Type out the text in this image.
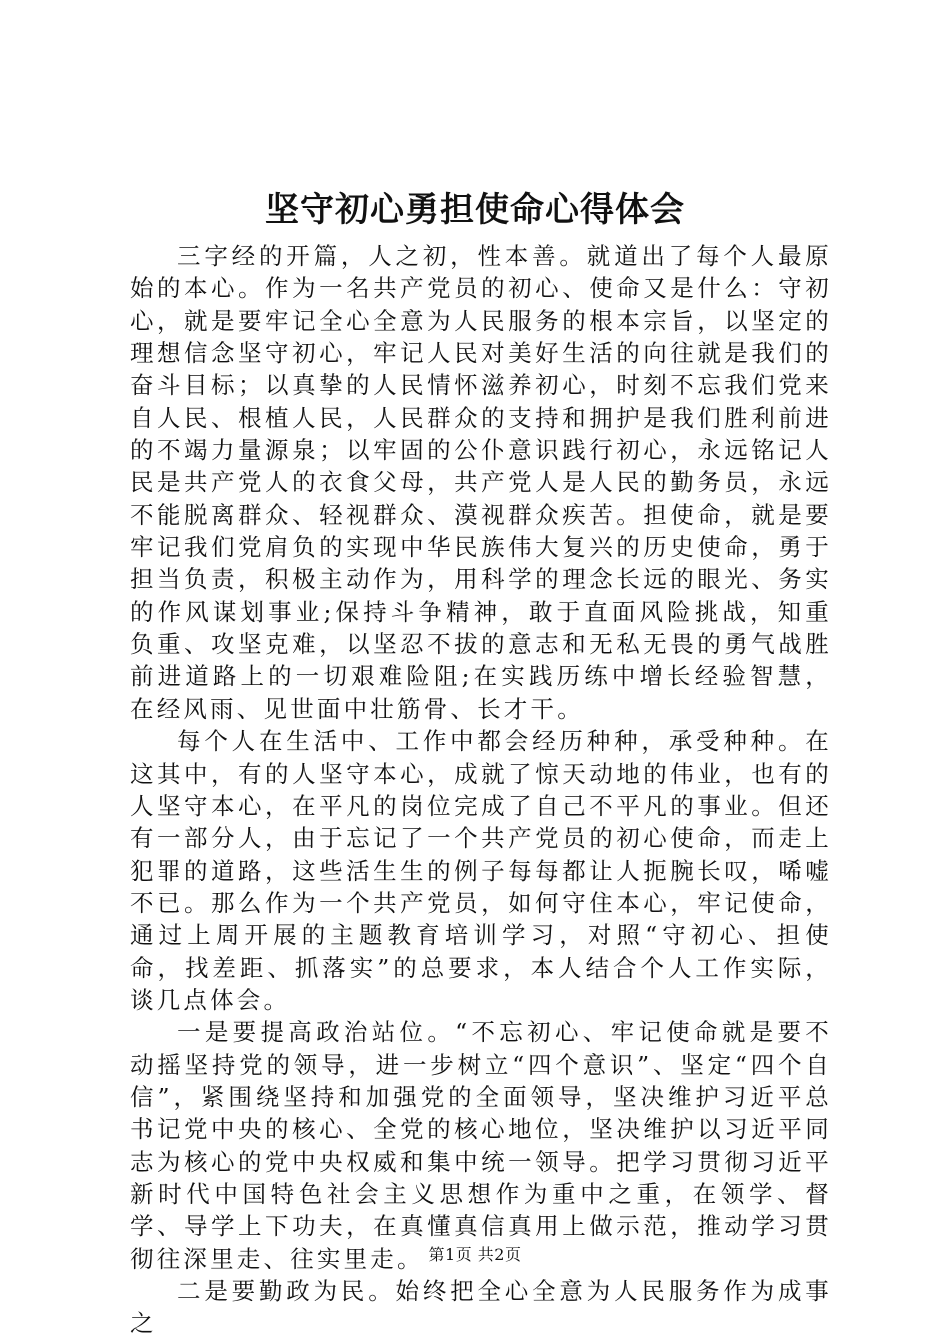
坚守初心勇担使命心得体会

三字经的开篇，人之初，性本善。就道出了每个人最原始的本心。作为一名共产党员的初心、使命又是什么：守初心，就是要牢记全心全意为人民服务的根本宗旨，以坚定的理想信念坚守初心，牢记人民对美好生活的向往就是我们的奋斗目标；以真挚的人民情怀滋养初心，时刻不忘我们党来自人民、根植人民，人民群众的支持和拥护是我们胜利前进的不竭力量源泉；以牢固的公仆意识践行初心，永远铭记人民是共产党人的衣食父母，共产党人是人民的勤务员，永远不能脱离群众、轻视群众、漠视群众疾苦。担使命，就是要牢记我们党肩负的实现中华民族伟大复兴的历史使命，勇于担当负责，积极主动作为，用科学的理念长远的眼光、务实的作风谋划事业;保持斗争精神，敢于直面风险挑战，知重负重、攻坚克难，以坚忍不拔的意志和无私无畏的勇气战胜前进道路上的一切艰难险阻;在实践历练中增长经验智慧，在经风雨、见世面中壮筋骨、长才干。

每个人在生活中、工作中都会经历种种，承受种种。在这其中，有的人坚守本心，成就了惊天动地的伟业，也有的人坚守本心，在平凡的岗位完成了自己不平凡的事业。但还有一部分人，由于忘记了一个共产党员的初心使命，而走上犯罪的道路，这些活生生的例子每每都让人扼腕长叹，唏嘘不已。那么作为一个共产党员，如何守住本心，牢记使命，通过上周开展的主题教育培训学习，对照“守初心、担使命，找差距、抓落实”的总要求，本人结合个人工作实际，谈几点体会。

一是要提高政治站位。“不忘初心、牢记使命就是要不动摇坚持党的领导，进一步树立“四个意识”、坚定“四个自信”，紧围绕坚持和加强党的全面领导，坚决维护习近平总书记党中央的核心、全党的核心地位，坚决维护以习近平同志为核心的党中央权威和集中统一领导。把学习贯彻习近平新时代中国特色社会主义思想作为重中之重，在领学、督学、导学上下功夫，在真懂真信真用上做示范，推动学习贯彻往深里走、往实里走。

二是要勤政为民。始终把全心全意为人民服务作为成事之

第1页 共2页
